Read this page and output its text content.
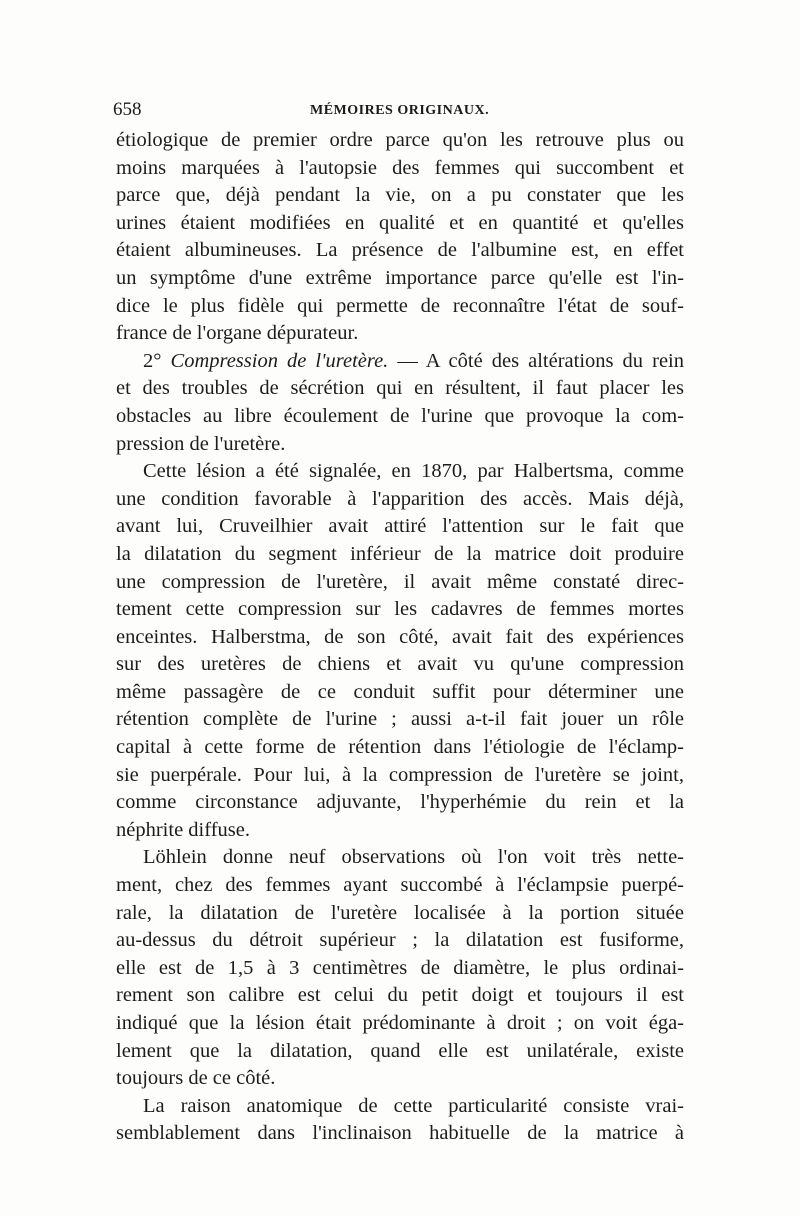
658	MÉMOIRES ORIGINAUX.
étiologique de premier ordre parce qu'on les retrouve plus ou
moins marquées à l'autopsie des femmes qui succombent et
parce que, déjà pendant la vie, on a pu constater que les
urines étaient modifiées en qualité et en quantité et qu'elles
étaient albumineuses. La présence de l'albumine est, en effet
un symptôme d'une extrême importance parce qu'elle est l'in-
dice le plus fidèle qui permette de reconnaître l'état de souf-
france de l'organe dépurateur.
2° Compression de l'uretère. — A côté des altérations du rein
et des troubles de sécrétion qui en résultent, il faut placer les
obstacles au libre écoulement de l'urine que provoque la com-
pression de l'uretère.
Cette lésion a été signalée, en 1870, par Halbertsma, comme
une condition favorable à l'apparition des accès. Mais déjà,
avant lui, Cruveilhier avait attiré l'attention sur le fait que
la dilatation du segment inférieur de la matrice doit produire
une compression de l'uretère, il avait même constaté direc-
tement cette compression sur les cadavres de femmes mortes
enceintes. Halberstma, de son côté, avait fait des expériences
sur des uretères de chiens et avait vu qu'une compression
même passagère de ce conduit suffit pour déterminer une
rétention complète de l'urine ; aussi a-t-il fait jouer un rôle
capital à cette forme de rétention dans l'étiologie de l'éclamp-
sie puerpérale. Pour lui, à la compression de l'uretère se joint,
comme circonstance adjuvante, l'hyperhémie du rein et la
néphrite diffuse.
Löhlein donne neuf observations où l'on voit très nette-
ment, chez des femmes ayant succombé à l'éclampsie puerpé-
rale, la dilatation de l'uretère localisée à la portion située
au-dessus du détroit supérieur ; la dilatation est fusiforme,
elle est de 1,5 à 3 centimètres de diamètre, le plus ordinai-
rement son calibre est celui du petit doigt et toujours il est
indiqué que la lésion était prédominante à droit ; on voit éga-
lement que la dilatation, quand elle est unilatérale, existe
toujours de ce côté.
La raison anatomique de cette particularité consiste vrai-
semblablement dans l'inclinaison habituelle de la matrice à
